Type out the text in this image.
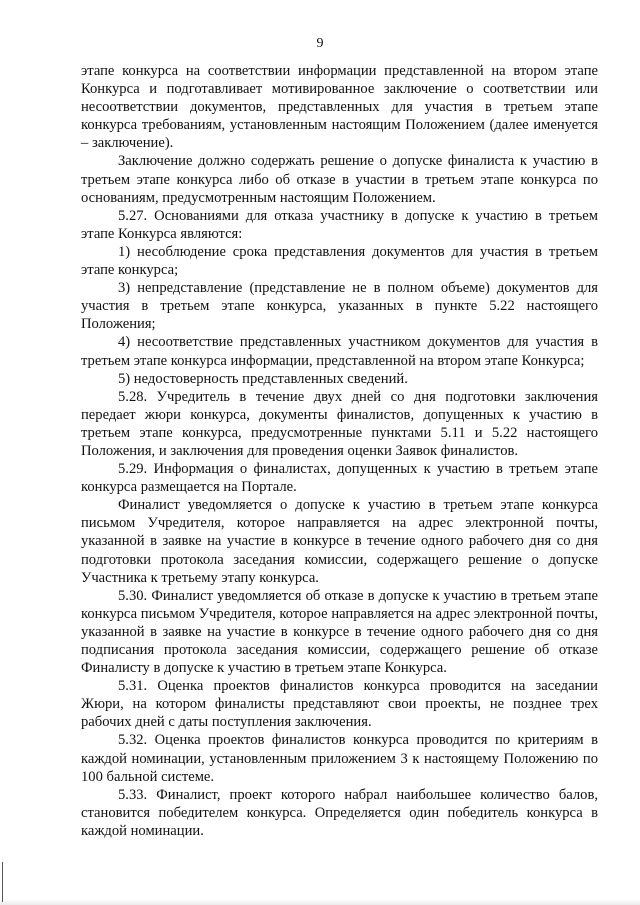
9

этапе конкурса на соответствии информации представленной на втором этапе Конкурса и подготавливает мотивированное заключение о соответствии или несоответствии документов, представленных для участия в третьем этапе конкурса требованиям, установленным настоящим Положением (далее именуется – заключение).

Заключение должно содержать решение о допуске финалиста к участию в третьем этапе конкурса либо об отказе в участии в третьем этапе конкурса по основаниям, предусмотренным настоящим Положением.

5.27. Основаниями для отказа участнику в допуске к участию в третьем этапе Конкурса являются:

1) несоблюдение срока представления документов для участия в третьем этапе конкурса;

3) непредставление (представление не в полном объеме) документов для участия в третьем этапе конкурса, указанных в пункте 5.22 настоящего Положения;

4) несоответствие представленных участником документов для участия в третьем этапе конкурса информации, представленной на втором этапе Конкурса;

5) недостоверность представленных сведений.

5.28. Учредитель в течение двух дней со дня подготовки заключения передает жюри конкурса, документы финалистов, допущенных к участию в третьем этапе конкурса, предусмотренные пунктами 5.11 и 5.22 настоящего Положения, и заключения для проведения оценки Заявок финалистов.

5.29. Информация о финалистах, допущенных к участию в третьем этапе конкурса размещается на Портале.

Финалист уведомляется о допуске к участию в третьем этапе конкурса письмом Учредителя, которое направляется на адрес электронной почты, указанной в заявке на участие в конкурсе в течение одного рабочего дня со дня подготовки протокола заседания комиссии, содержащего решение о допуске Участника к третьему этапу конкурса.

5.30. Финалист уведомляется об отказе в допуске к участию в третьем этапе конкурса письмом Учредителя, которое направляется на адрес электронной почты, указанной в заявке на участие в конкурсе в течение одного рабочего дня со дня подписания протокола заседания комиссии, содержащего решение об отказе Финалисту в допуске к участию в третьем этапе Конкурса.

5.31. Оценка проектов финалистов конкурса проводится на заседании Жюри, на котором финалисты представляют свои проекты, не позднее трех рабочих дней с даты поступления заключения.

5.32. Оценка проектов финалистов конкурса проводится по критериям в каждой номинации, установленным приложением 3 к настоящему Положению по 100 бальной системе.

5.33. Финалист, проект которого набрал наибольшее количество балов, становится победителем конкурса. Определяется один победитель конкурса в каждой номинации.
